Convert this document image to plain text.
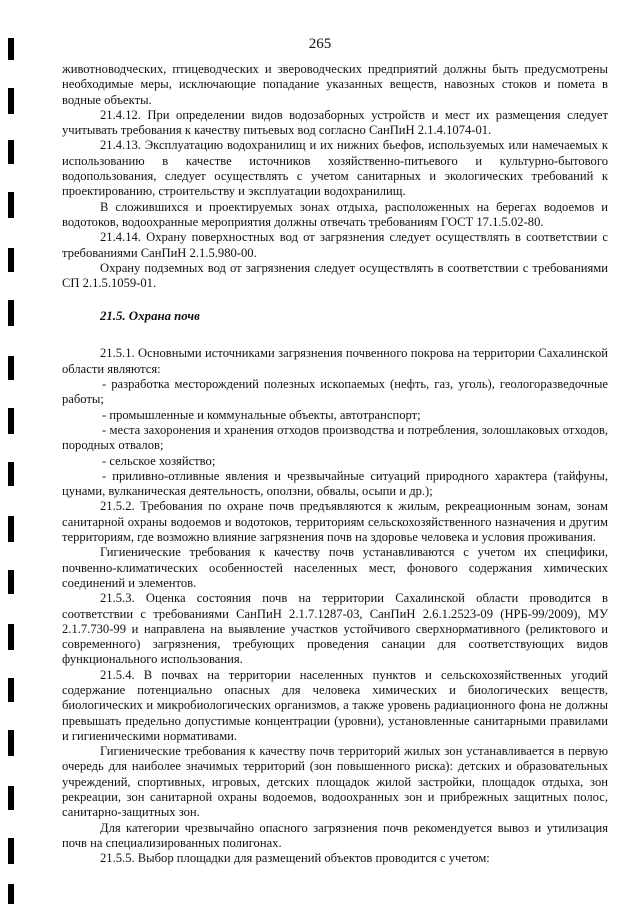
265

животноводческих, птицеводческих и звероводческих предприятий должны быть предусмотрены необходимые меры, исключающие попадание указанных веществ, навозных стоков и помета в водные объекты.

21.4.12. При определении видов водозаборных устройств и мест их размещения следует учитывать требования к качеству питьевых вод согласно СанПиН 2.1.4.1074-01.

21.4.13. Эксплуатацию водохранилищ и их нижних бьефов, используемых или намечаемых к использованию в качестве источников хозяйственно-питьевого и культурно-бытового водопользования, следует осуществлять с учетом санитарных и экологических требований к проектированию, строительству и эксплуатации водохранилищ.

В сложившихся и проектируемых зонах отдыха, расположенных на берегах водоемов и водотоков, водоохранные мероприятия должны отвечать требованиям ГОСТ 17.1.5.02-80.

21.4.14. Охрану поверхностных вод от загрязнения следует осуществлять в соответствии с требованиями СанПиН 2.1.5.980-00.

Охрану подземных вод от загрязнения следует осуществлять в соответствии с требованиями СП 2.1.5.1059-01.

21.5. Охрана почв

21.5.1. Основными источниками загрязнения почвенного покрова на территории Сахалинской области являются:

- разработка месторождений полезных ископаемых (нефть, газ, уголь), геологоразведочные работы;

- промышленные и коммунальные объекты, автотранспорт;

- места захоронения и хранения отходов производства и потребления, золошлаковых отходов, породных отвалов;

- сельское хозяйство;

- приливно-отливные явления и чрезвычайные ситуаций природного характера (тайфуны, цунами, вулканическая деятельность, оползни, обвалы, осыпи и др.);

21.5.2. Требования по охране почв предъявляются к жилым, рекреационным зонам, зонам санитарной охраны водоемов и водотоков, территориям сельскохозяйственного назначения и другим территориям, где возможно влияние загрязнения почв на здоровье человека и условия проживания.

Гигиенические требования к качеству почв устанавливаются с учетом их специфики, почвенно-климатических особенностей населенных мест, фонового содержания химических соединений и элементов.

21.5.3. Оценка состояния почв на территории Сахалинской области проводится в соответствии с требованиями СанПиН 2.1.7.1287-03, СанПиН 2.6.1.2523-09 (НРБ-99/2009), МУ 2.1.7.730-99 и направлена на выявление участков устойчивого сверхнормативного (реликтового и современного) загрязнения, требующих проведения санации для соответствующих видов функционального использования.

21.5.4. В почвах на территории населенных пунктов и сельскохозяйственных угодий содержание потенциально опасных для человека химических и биологических веществ, биологических и микробиологических организмов, а также уровень радиационного фона не должны превышать предельно допустимые концентрации (уровни), установленные санитарными правилами и гигиеническими нормативами.

Гигиенические требования к качеству почв территорий жилых зон устанавливается в первую очередь для наиболее значимых территорий (зон повышенного риска): детских и образовательных учреждений, спортивных, игровых, детских площадок жилой застройки, площадок отдыха, зон рекреации, зон санитарной охраны водоемов, водоохранных зон и прибрежных защитных полос, санитарно-защитных зон.

Для категории чрезвычайно опасного загрязнения почв рекомендуется вывоз и утилизация почв на специализированных полигонах.

21.5.5. Выбор площадки для размещений объектов проводится с учетом:
